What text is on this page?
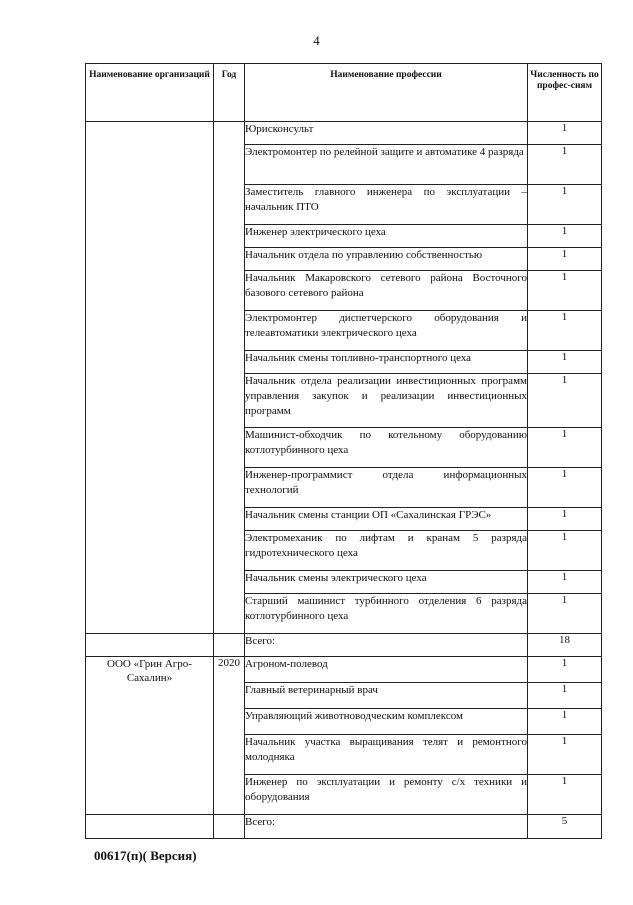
4
Наименование организаций	Год	Наименование профессии	Численность по профес-сиям
		Юрисконсульт	1
		Электромонтер по релейной защите и автоматике 4 разряда	1
		Заместитель главного инженера по эксплуатации – начальник ПТО	1
		Инженер электрического цеха	1
		Начальник отдела по управлению собственностью	1
		Начальник Макаровского сетевого района Восточного базового сетевого района	1
		Электромонтер диспетчерского оборудования и телеавтоматики электрического цеха	1
		Начальник смены топливно-транспортного цеха	1
		Начальник отдела реализации инвестиционных программ управления закупок и реализации инвестиционных программ	1
		Машинист-обходчик по котельному оборудованию котлотурбинного цеха	1
		Инженер-программист отдела информационных технологий	1
		Начальник смены станции ОП «Сахалинская ГРЭС»	1
		Электромеханик по лифтам и кранам 5 разряда гидротехнического цеха	1
		Начальник смены электрического цеха	1
		Старший машинист турбинного отделения 6 разряда котлотурбинного цеха	1
		Всего:	18
ООО «Грин Агро-Сахалин»	2020	Агроном-полевод	1
		Главный ветеринарный врач	1
		Управляющий животноводческим комплексом	1
		Начальник участка выращивания телят и ремонтного молодняка	1
		Инженер по эксплуатации и ремонту с/х техники и оборудования	1
		Всего:	5
00617(п)( Версия)
